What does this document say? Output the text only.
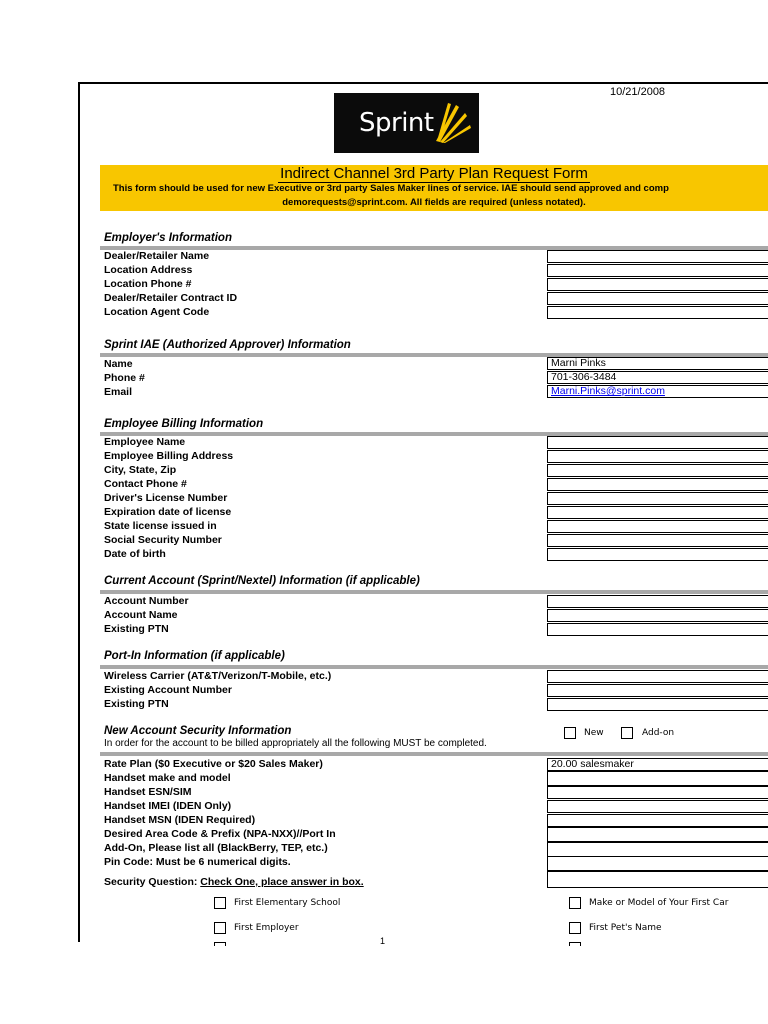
10/21/2008
Sprint
Indirect Channel 3rd Party Plan Request Form
This form should be used for new Executive or 3rd party Sales Maker lines of service. IAE should send approved and comp
demorequests@sprint.com. All fields are required (unless notated).
Employer's Information
Dealer/Retailer Name
Location Address
Location Phone #
Dealer/Retailer Contract ID
Location Agent Code
Sprint IAE (Authorized Approver) Information
Name
Phone #
Email
Marni Pinks
701-306-3484
Marni.Pinks@sprint.com
Employee Billing Information
Employee Name
Employee Billing Address
City, State, Zip
Contact Phone #
Driver's License Number
Expiration date of license
State license issued in
Social Security Number
Date of birth
Current Account (Sprint/Nextel) Information (if applicable)
Account Number
Account Name
Existing PTN
Port-In Information (if applicable)
Wireless Carrier (AT&T/Verizon/T-Mobile, etc.)
Existing Account Number
Existing PTN
New Account Security Information
In order for the account to be billed appropriately all the following MUST be completed.
New	Add-on
Rate Plan ($0 Executive or $20 Sales Maker)
Handset make and model
Handset ESN/SIM
Handset IMEI (IDEN Only)
Handset MSN (IDEN Required)
Desired Area Code & Prefix (NPA-NXX)//Port In
Add-On, Please list all (BlackBerry, TEP, etc.)
Pin Code: Must be 6 numerical digits.
20.00 salesmaker
Security Question: Check One, place answer in box.
First Elementary School
First Employer
Make or Model of Your First Car
First Pet's Name
1
